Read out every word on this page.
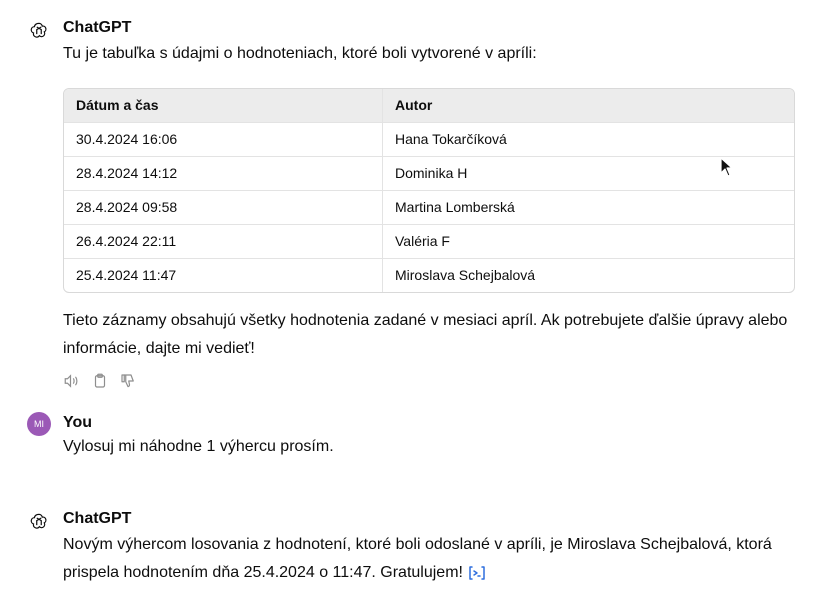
ChatGPT
Tu je tabuľka s údajmi o hodnoteniach, ktoré boli vytvorené v apríli:
Dátum a čas	Autor
30.4.2024 16:06	Hana Tokarčíková
28.4.2024 14:12	Dominika H
28.4.2024 09:58	Martina Lomberská
26.4.2024 22:11	Valéria F
25.4.2024 11:47	Miroslava Schejbalová
Tieto záznamy obsahujú všetky hodnotenia zadané v mesiaci apríl. Ak potrebujete ďalšie úpravy alebo informácie, dajte mi vedieť!
MI	You
Vylosuj mi náhodne 1 výhercu prosím.
ChatGPT
Novým výhercom losovania z hodnotení, ktoré boli odoslané v apríli, je Miroslava Schejbalová, ktorá prispela hodnotením dňa 25.4.2024 o 11:47. Gratulujem!
